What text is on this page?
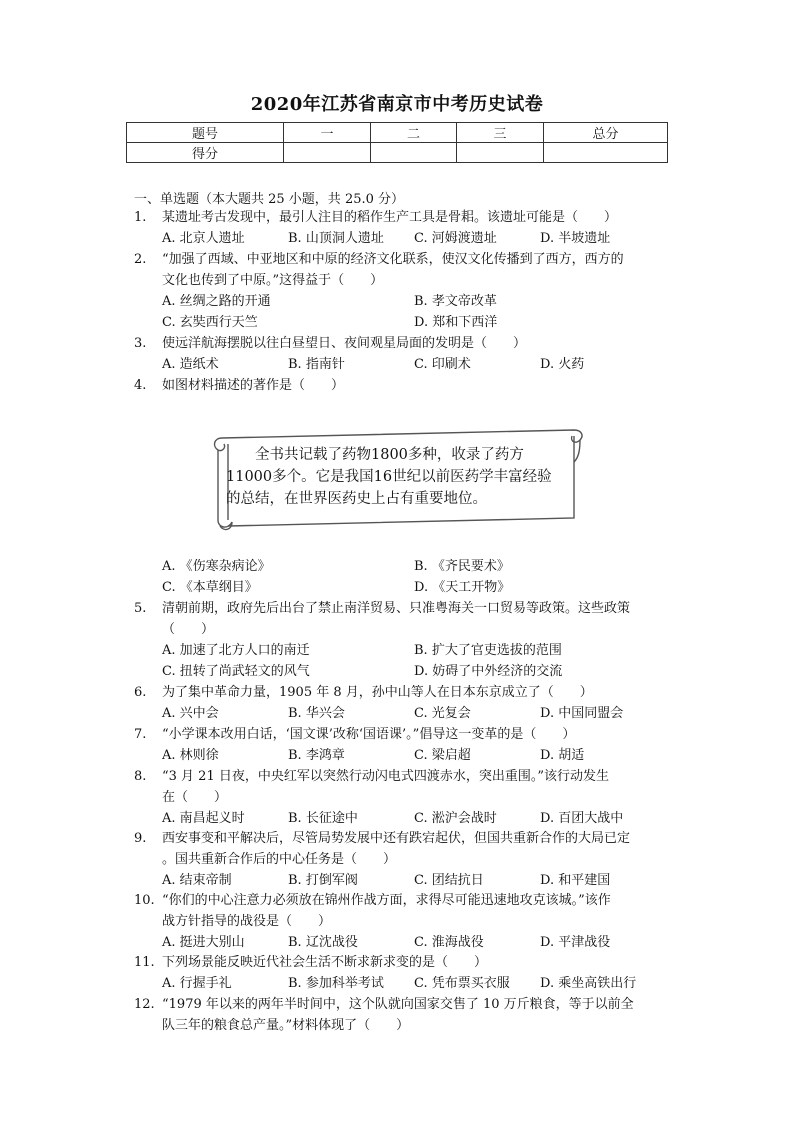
2020年江苏省南京市中考历史试卷
题号	一	二	三	总分
得分				
一、单选题（本大题共 25 小题，共 25.0 分）
1.	某遗址考古发现中，最引人注目的稻作生产工具是骨耜。该遗址可能是（　　）
A. 北京人遗址	B. 山顶洞人遗址	C. 河姆渡遗址	D. 半坡遗址
2.	“加强了西域、中亚地区和中原的经济文化联系，使汉文化传播到了西方，西方的
文化也传到了中原。”这得益于（　　）
A. 丝绸之路的开通	B. 孝文帝改革
C. 玄奘西行天竺	D. 郑和下西洋
3.	使远洋航海摆脱以往白昼望日、夜间观星局面的发明是（　　）
A. 造纸术	B. 指南针	C. 印刷术	D. 火药
4.	如图材料描述的著作是（　　）
全书共记载了药物1800多种，收录了药方11000多个。它是我国16世纪以前医药学丰富经验的总结，在世界医药史上占有重要地位。
A. 《伤寒杂病论》	B. 《齐民要术》
C. 《本草纲目》	D. 《天工开物》
5.	清朝前期，政府先后出台了禁止南洋贸易、只准粤海关一口贸易等政策。这些政策
（　　）
A. 加速了北方人口的南迁	B. 扩大了官吏选拔的范围
C. 扭转了尚武轻文的风气	D. 妨碍了中外经济的交流
6.	为了集中革命力量，1905 年 8 月，孙中山等人在日本东京成立了（　　）
A. 兴中会	B. 华兴会	C. 光复会	D. 中国同盟会
7.	“小学课本改用白话，‘国文课’改称‘国语课’。”倡导这一变革的是（　　）
A. 林则徐	B. 李鸿章	C. 梁启超	D. 胡适
8.	“3 月 21 日夜，中央红军以突然行动闪电式四渡赤水，突出重围。”该行动发生
在（　　）
A. 南昌起义时	B. 长征途中	C. 淞沪会战时	D. 百团大战中
9.	西安事变和平解决后，尽管局势发展中还有跌宕起伏，但国共重新合作的大局已定
。国共重新合作后的中心任务是（　　）
A. 结束帝制	B. 打倒军阀	C. 团结抗日	D. 和平建国
10. “你们的中心注意力必须放在锦州作战方面，求得尽可能迅速地攻克该城。”该作
战方针指导的战役是（　　）
A. 挺进大别山	B. 辽沈战役	C. 淮海战役	D. 平津战役
11. 下列场景能反映近代社会生活不断求新求变的是（　　）
A. 行握手礼	B. 参加科举考试	C. 凭布票买衣服	D. 乘坐高铁出行
12. “1979 年以来的两年半时间中，这个队就向国家交售了 10 万斤粮食，等于以前全
队三年的粮食总产量。”材料体现了（　　）
